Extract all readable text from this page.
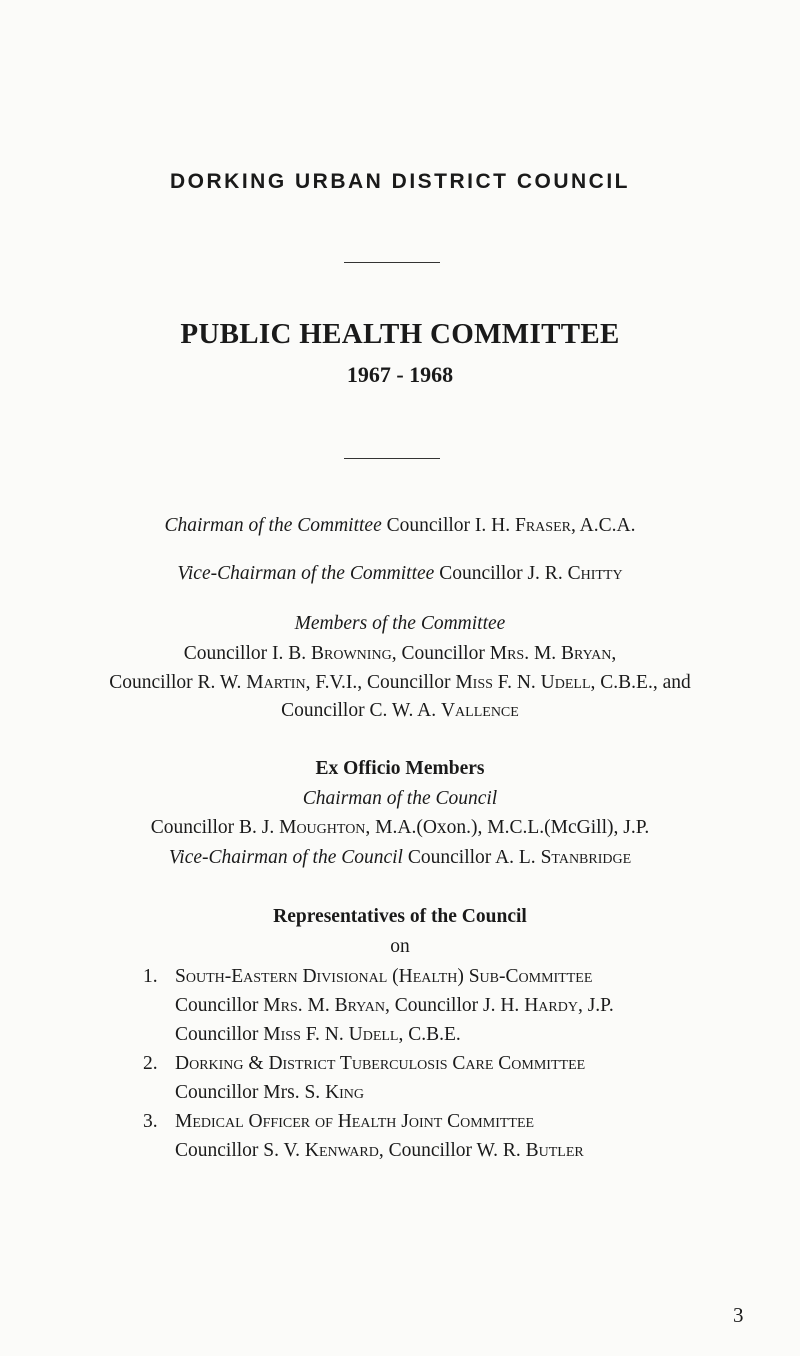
DORKING URBAN DISTRICT COUNCIL
PUBLIC HEALTH COMMITTEE
1967 - 1968
Chairman of the Committee Councillor I. H. Fraser, A.C.A.
Vice-Chairman of the Committee Councillor J. R. Chitty
Members of the Committee
Councillor I. B. Browning, Councillor Mrs. M. Bryan,
Councillor R. W. Martin, F.V.I., Councillor Miss F. N. Udell, C.B.E., and
Councillor C. W. A. Vallence
Ex Officio Members
Chairman of the Council
Councillor B. J. Moughton, M.A.(Oxon.), M.C.L.(McGill), J.P.
Vice-Chairman of the Council Councillor A. L. Stanbridge
Representatives of the Council
on
1. South-Eastern Divisional (Health) Sub-Committee
Councillor Mrs. M. Bryan, Councillor J. H. Hardy, J.P.
Councillor Miss F. N. Udell, C.B.E.
2. Dorking & District Tuberculosis Care Committee
Councillor Mrs. S. King
3. Medical Officer of Health Joint Committee
Councillor S. V. Kenward, Councillor W. R. Butler
3
